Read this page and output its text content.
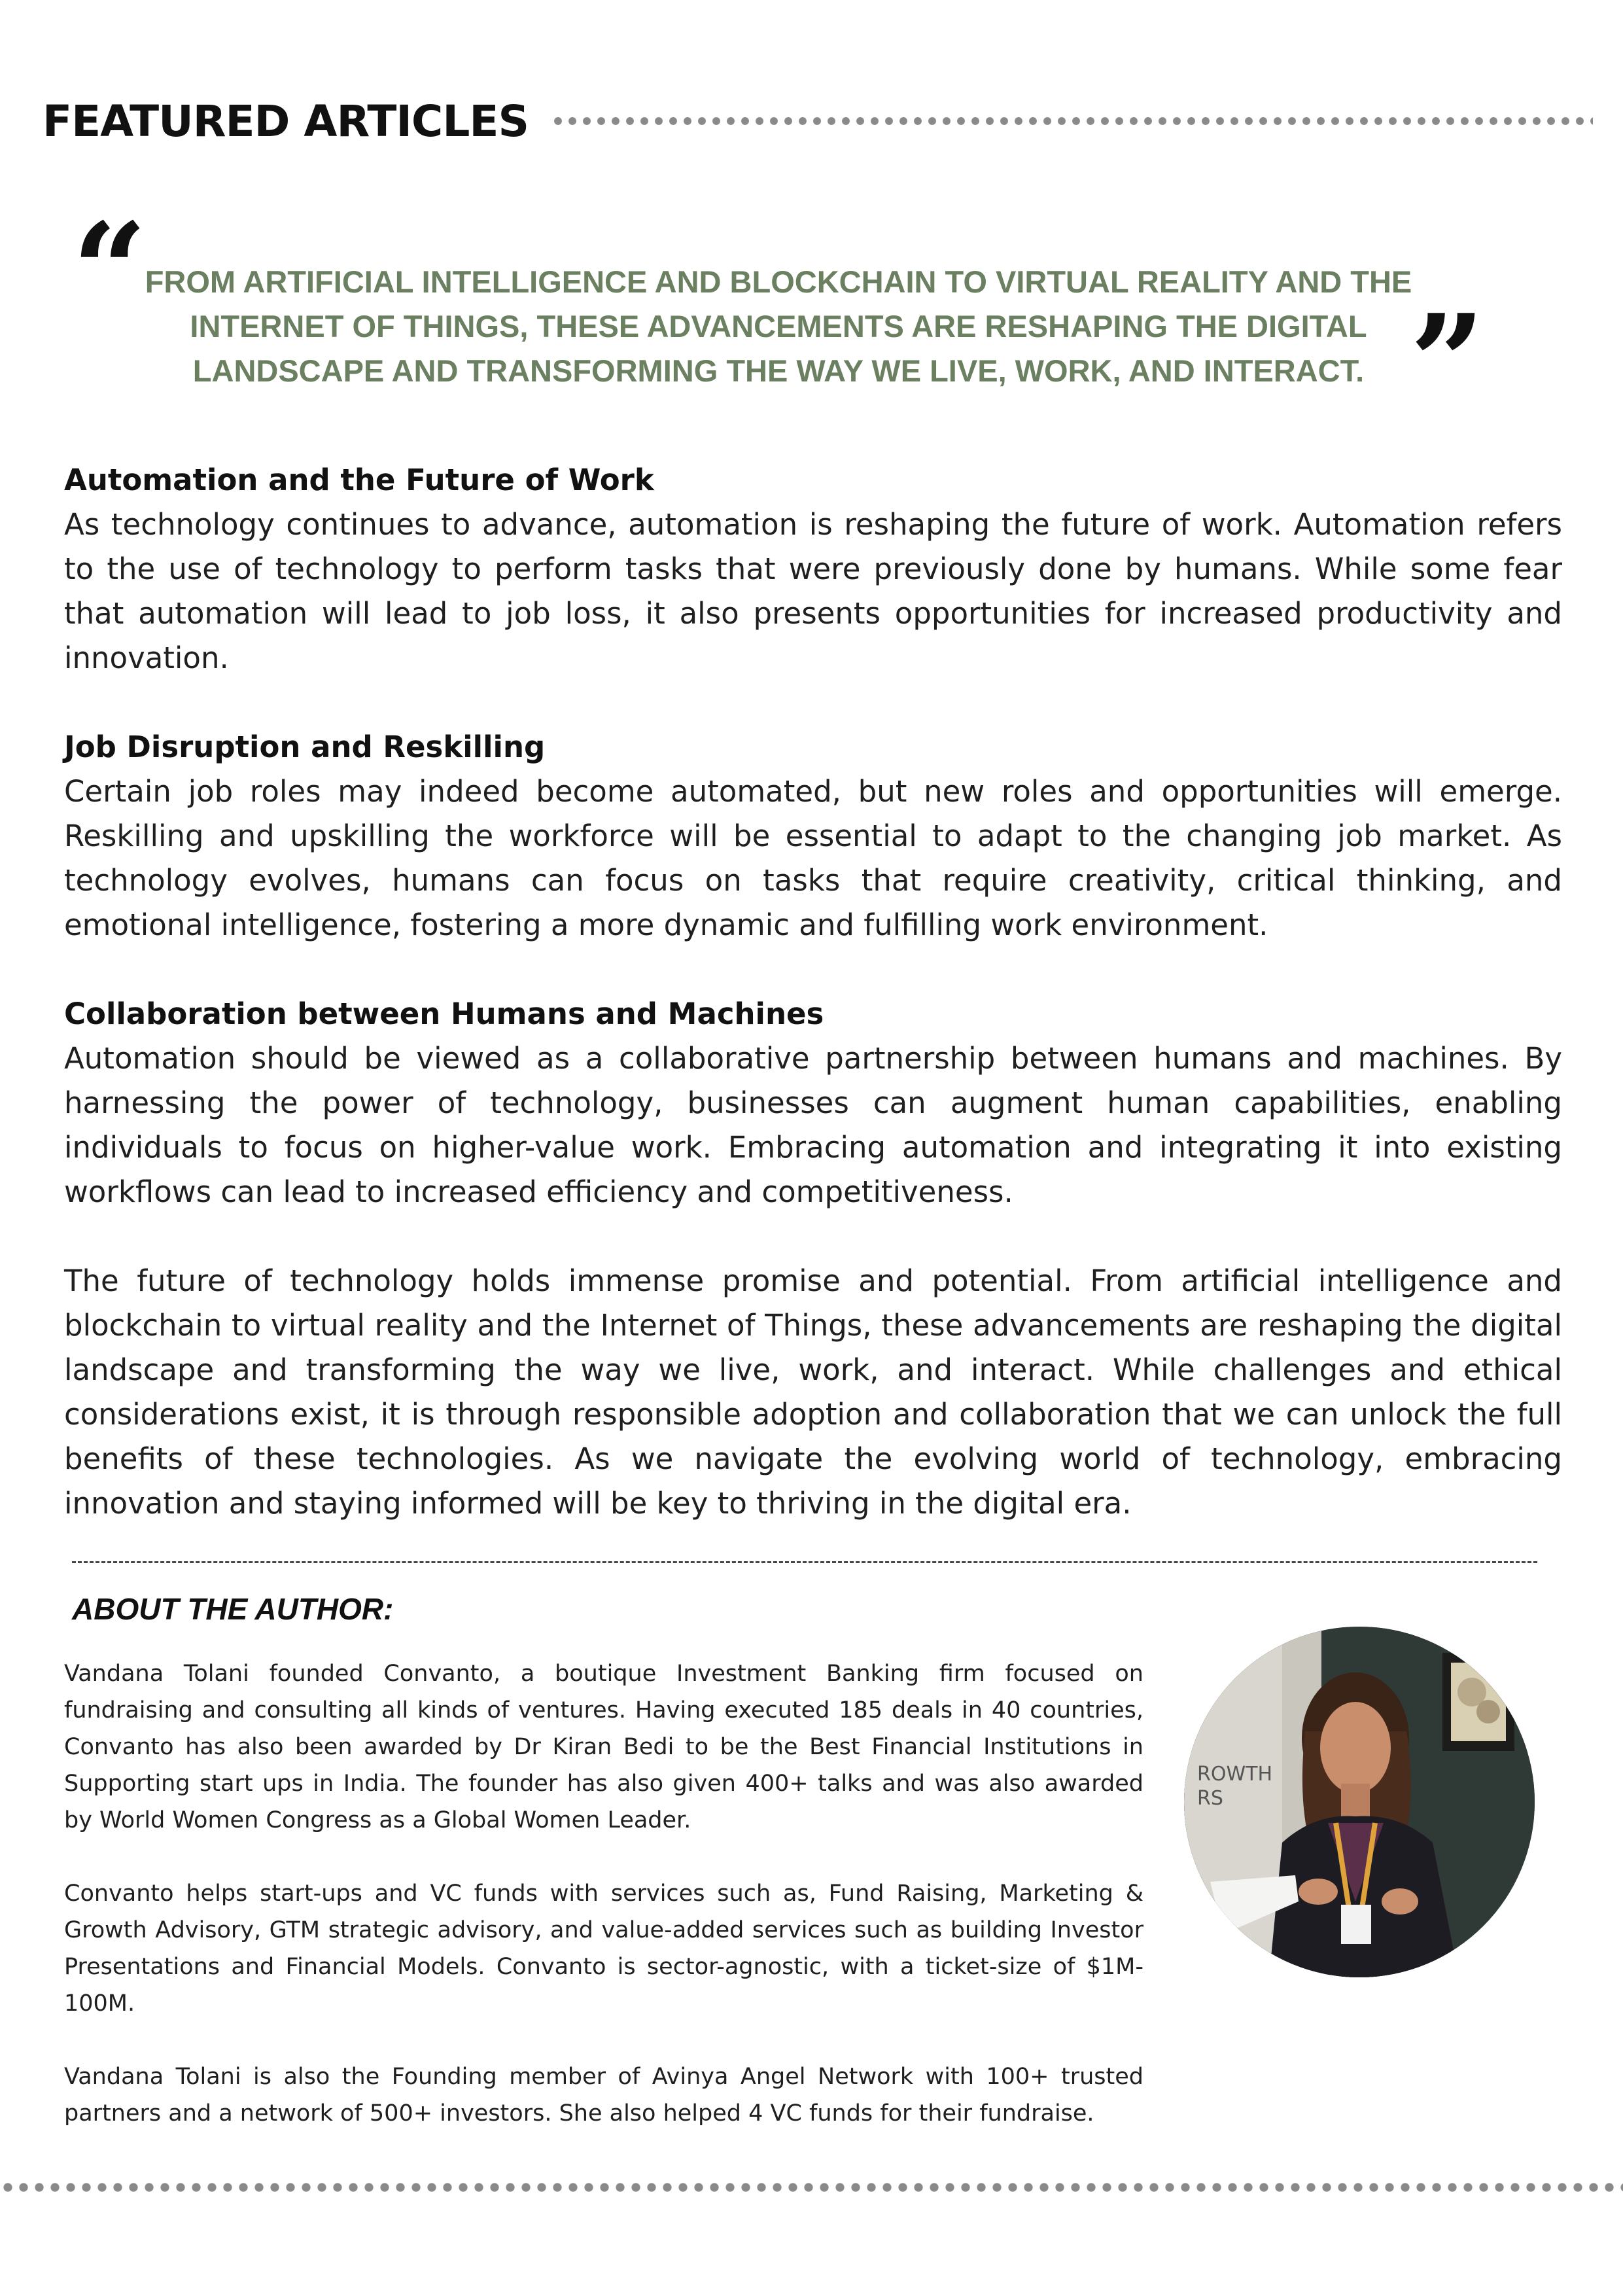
FEATURED ARTICLES
“
FROM ARTIFICIAL INTELLIGENCE AND BLOCKCHAIN TO VIRTUAL REALITY AND THE INTERNET OF THINGS, THESE ADVANCEMENTS ARE RESHAPING THE DIGITAL LANDSCAPE AND TRANSFORMING THE WAY WE LIVE, WORK, AND INTERACT. ”
Automation and the Future of Work

As technology continues to advance, automation is reshaping the future of work. Automation refers to the use of technology to perform tasks that were previously done by humans. While some fear that automation will lead to job loss, it also presents opportunities for increased productivity and innovation.

Job Disruption and Reskilling

Certain job roles may indeed become automated, but new roles and opportunities will emerge. Reskilling and upskilling the workforce will be essential to adapt to the changing job market. As technology evolves, humans can focus on tasks that require creativity, critical thinking, and emotional intelligence, fostering a more dynamic and fulfilling work environment.

Collaboration between Humans and Machines

Automation should be viewed as a collaborative partnership between humans and machines. By harnessing the power of technology, businesses can augment human capabilities, enabling individuals to focus on higher-value work. Embracing automation and integrating it into existing workflows can lead to increased efficiency and competitiveness.

The future of technology holds immense promise and potential. From artificial intelligence and blockchain to virtual reality and the Internet of Things, these advancements are reshaping the digital landscape and transforming the way we live, work, and interact. While challenges and ethical considerations exist, it is through responsible adoption and collaboration that we can unlock the full benefits of these technologies. As we navigate the evolving world of technology, embracing innovation and staying informed will be key to thriving in the digital era.

ABOUT THE AUTHOR:

Vandana Tolani founded Convanto, a boutique Investment Banking firm focused on fundraising and consulting all kinds of ventures. Having executed 185 deals in 40 countries, Convanto has also been awarded by Dr Kiran Bedi to be the Best Financial Institutions in Supporting start ups in India. The founder has also given 400+ talks and was also awarded by World Women Congress as a Global Women Leader.

Convanto helps start-ups and VC funds with services such as, Fund Raising, Marketing & Growth Advisory, GTM strategic advisory, and value-added services such as building Investor Presentations and Financial Models. Convanto is sector-agnostic, with a ticket-size of $1M-100M.

Vandana Tolani is also the Founding member of Avinya Angel Network with 100+ trusted partners and a network of 500+ investors. She also helped 4 VC funds for their fundraise.

ROWTH
RS
